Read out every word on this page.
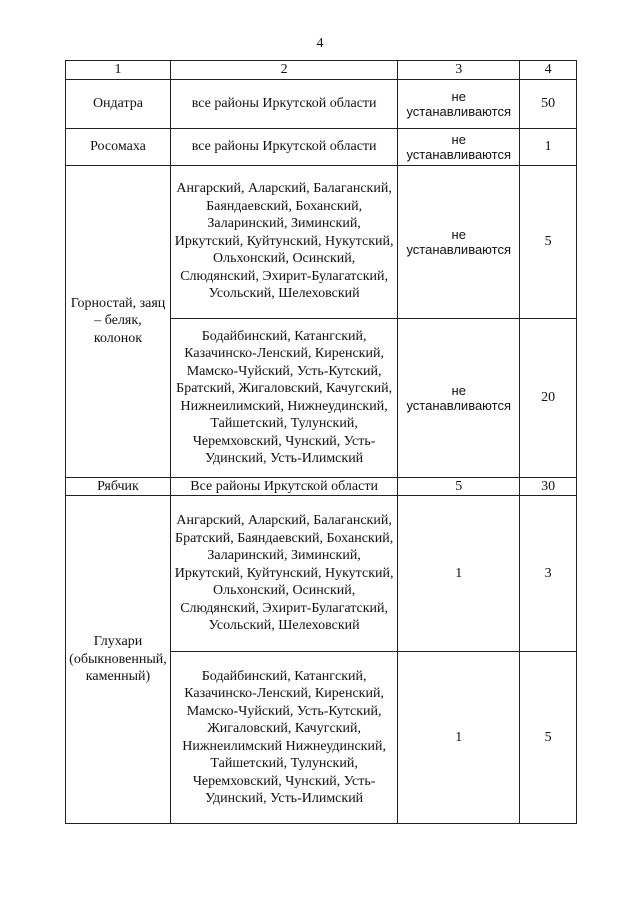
4
1	2	3	4
Ондатра	все районы Иркутской области	не устанавливаются	50
Росомаха	все районы Иркутской области	не устанавливаются	1
Горностай, заяц – беляк, колонок	Ангарский, Аларский, Балаганский, Баяндаевский, Боханский, Заларинский, Зиминский, Иркутский, Куйтунский, Нукутский, Ольхонский, Осинский, Слюдянский, Эхирит-Булагатский, Усольский, Шелеховский	не устанавливаются	5
	Бодайбинский, Катангский, Казачинско-Ленский, Киренский, Мамско-Чуйский, Усть-Кутский, Братский, Жигаловский, Качугский, Нижнеилимский, Нижнеудинский, Тайшетский, Тулунский, Черемховский, Чунский, Усть-Удинский, Усть-Илимский	не устанавливаются	20
Рябчик	Все районы Иркутской области	5	30
Глухари (обыкновенный, каменный)	Ангарский, Аларский, Балаганский, Братский, Баяндаевский, Боханский, Заларинский, Зиминский, Иркутский, Куйтунский, Нукутский, Ольхонский, Осинский, Слюдянский, Эхирит-Булагатский, Усольский, Шелеховский	1	3
	Бодайбинский, Катангский, Казачинско-Ленский, Киренский, Мамско-Чуйский, Усть-Кутский, Жигаловский, Качугский, Нижнеилимский Нижнеудинский, Тайшетский, Тулунский, Черемховский, Чунский, Усть-Удинский, Усть-Илимский	1	5
